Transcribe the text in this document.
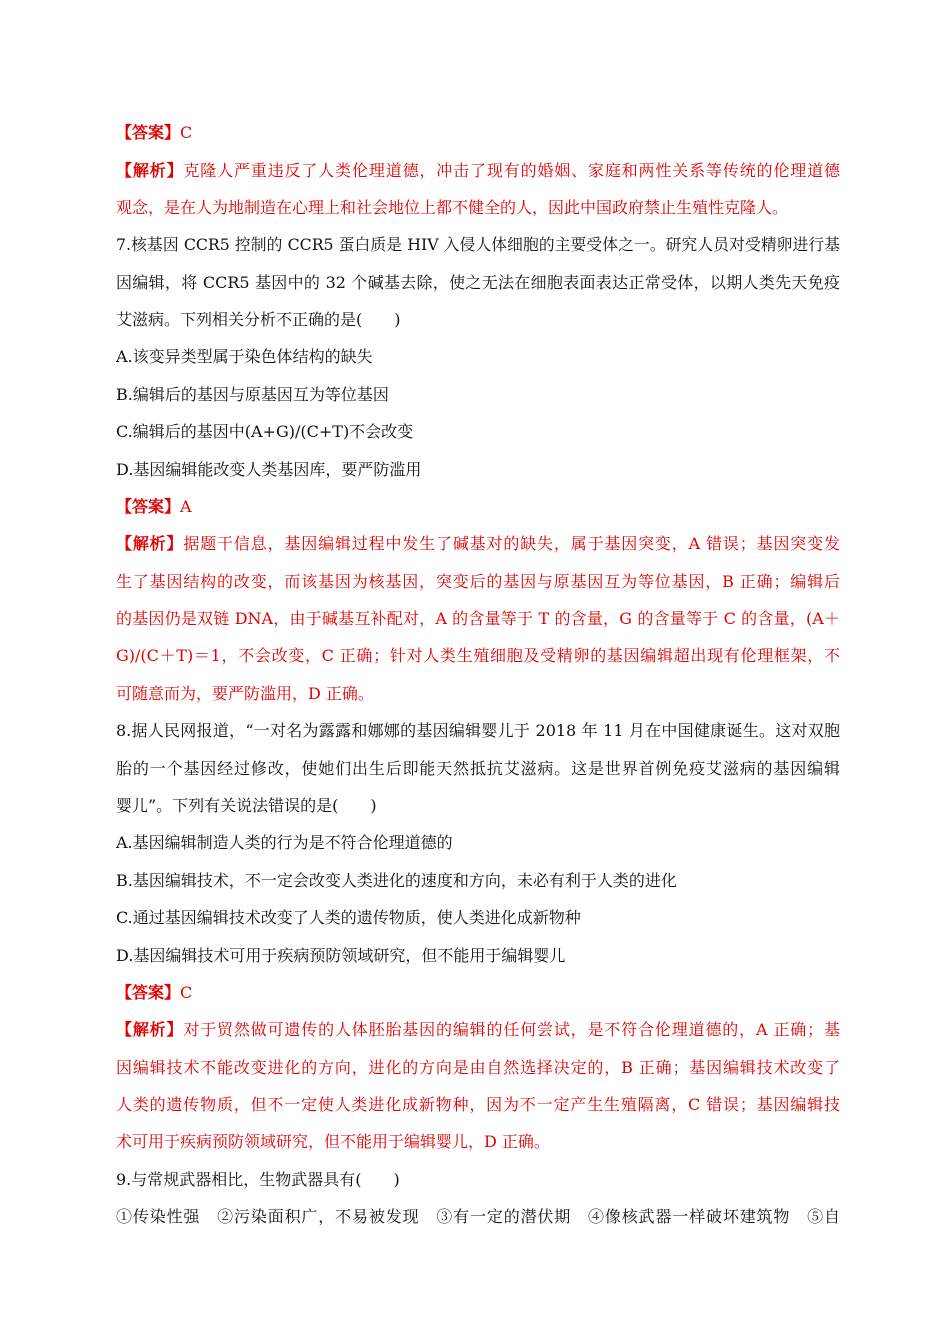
【答案】C
【解析】克隆人严重违反了人类伦理道德，冲击了现有的婚姻、家庭和两性关系等传统的伦理道德
观念，是在人为地制造在心理上和社会地位上都不健全的人，因此中国政府禁止生殖性克隆人。
7.核基因 CCR5 控制的 CCR5 蛋白质是 HIV 入侵人体细胞的主要受体之一。研究人员对受精卵进行基
因编辑，将 CCR5 基因中的 32 个碱基去除，使之无法在细胞表面表达正常受体，以期人类先天免疫
艾滋病。下列相关分析不正确的是(　　)
A.该变异类型属于染色体结构的缺失
B.编辑后的基因与原基因互为等位基因
C.编辑后的基因中(A+G)/(C+T)不会改变
D.基因编辑能改变人类基因库，要严防滥用
【答案】A
【解析】据题干信息，基因编辑过程中发生了碱基对的缺失，属于基因突变，A 错误；基因突变发
生了基因结构的改变，而该基因为核基因，突变后的基因与原基因互为等位基因，B 正确；编辑后
的基因仍是双链 DNA，由于碱基互补配对，A 的含量等于 T 的含量，G 的含量等于 C 的含量，(A＋
G)/(C＋T)＝1，不会改变，C 正确；针对人类生殖细胞及受精卵的基因编辑超出现有伦理框架，不
可随意而为，要严防滥用，D 正确。
8.据人民网报道，“一对名为露露和娜娜的基因编辑婴儿于 2018 年 11 月在中国健康诞生。这对双胞
胎的一个基因经过修改，使她们出生后即能天然抵抗艾滋病。这是世界首例免疫艾滋病的基因编辑
婴儿”。下列有关说法错误的是(　　)
A.基因编辑制造人类的行为是不符合伦理道德的
B.基因编辑技术，不一定会改变人类进化的速度和方向，未必有利于人类的进化
C.通过基因编辑技术改变了人类的遗传物质，使人类进化成新物种
D.基因编辑技术可用于疾病预防领域研究，但不能用于编辑婴儿
【答案】C
【解析】对于贸然做可遗传的人体胚胎基因的编辑的任何尝试，是不符合伦理道德的，A 正确；基
因编辑技术不能改变进化的方向，进化的方向是由自然选择决定的，B 正确；基因编辑技术改变了
人类的遗传物质，但不一定使人类进化成新物种，因为不一定产生生殖隔离，C 错误；基因编辑技
术可用于疾病预防领域研究，但不能用于编辑婴儿，D 正确。
9.与常规武器相比，生物武器具有(　　)
①传染性强　②污染面积广，不易被发现　③有一定的潜伏期　④像核武器一样破坏建筑物　⑤自
